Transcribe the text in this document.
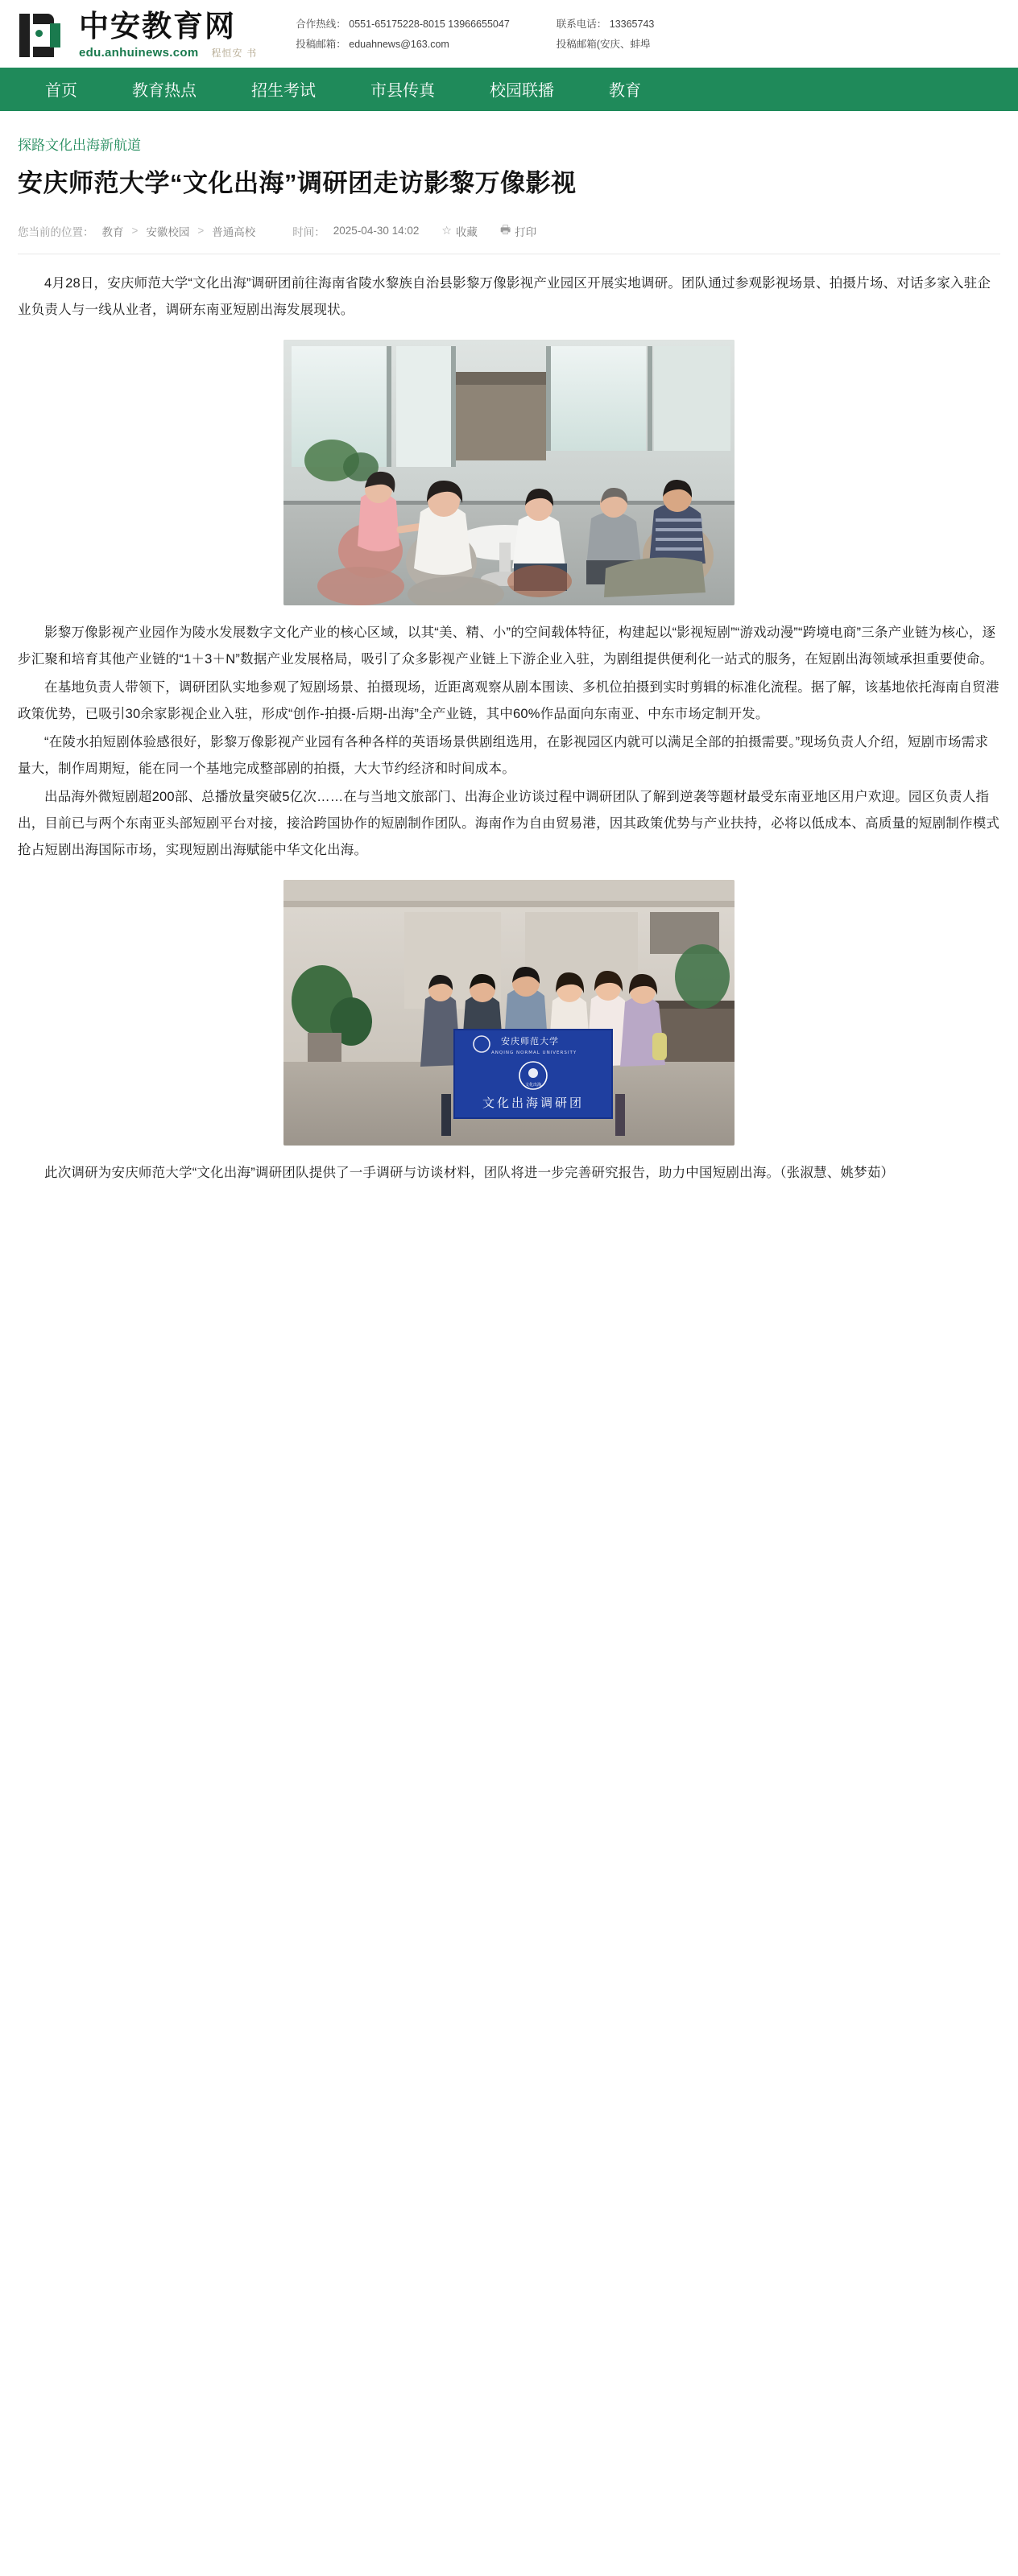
中安教育网
edu.anhuinews.com 程恒安 书
合作热线： 0551-65175228-8015 13966655047
投稿邮箱： eduahnews@163.com
联系电话： 13365743
投稿邮箱(安庆、蚌埠
首页	教育热点	招生考试	市县传真	校园联播	教育
探路文化出海新航道
安庆师范大学“文化出海”调研团走访影黎万像影视
您当前的位置： 教育 > 安徽校园 > 普通高校	时间： 2025-04-30 14:02 ☆ 收藏 🖶 打印

4月28日，安庆师范大学“文化出海”调研团前往海南省陵水黎族自治县影黎万像影视产业园区开展实地调研。团队通过参观影视场景、拍摄片场、对话多家入驻企业负责人与一线从业者，调研东南亚短剧出海发展现状。

影黎万像影视产业园作为陵水发展数字文化产业的核心区域，以其“美、精、小”的空间载体特征，构建起以“影视短剧”“游戏动漫”“跨境电商”三条产业链为核心，逐步汇聚和培育其他产业链的“1＋3＋N”数据产业发展格局，吸引了众多影视产业链上下游企业入驻，为剧组提供便利化一站式的服务，在短剧出海领域承担重要使命。

在基地负责人带领下，调研团队实地参观了短剧场景、拍摄现场，近距离观察从剧本围读、多机位拍摄到实时剪辑的标准化流程。据了解，该基地依托海南自贸港政策优势，已吸引30余家影视企业入驻，形成“创作-拍摄-后期-出海”全产业链，其中60%作品面向东南亚、中东市场定制开发。

“在陵水拍短剧体验感很好，影黎万像影视产业园有各种各样的英语场景供剧组选用，在影视园区内就可以满足全部的拍摄需要。”现场负责人介绍，短剧市场需求量大，制作周期短，能在同一个基地完成整部剧的拍摄，大大节约经济和时间成本。

出品海外微短剧超200部、总播放量突破5亿次……在与当地文旅部门、出海企业访谈过程中调研团队了解到逆袭等题材最受东南亚地区用户欢迎。园区负责人指出，目前已与两个东南亚头部短剧平台对接，接洽跨国协作的短剧制作团队。海南作为自由贸易港，因其政策优势与产业扶持，必将以低成本、高质量的短剧制作模式抢占短剧出海国际市场，实现短剧出海赋能中华文化出海。

安庆师范大学
ANQING NORMAL UNIVERSITY
文化出海
文化出海调研团

此次调研为安庆师范大学“文化出海”调研团队提供了一手调研与访谈材料，团队将进一步完善研究报告，助力中国短剧出海。（张淑慧、姚梦茹）
